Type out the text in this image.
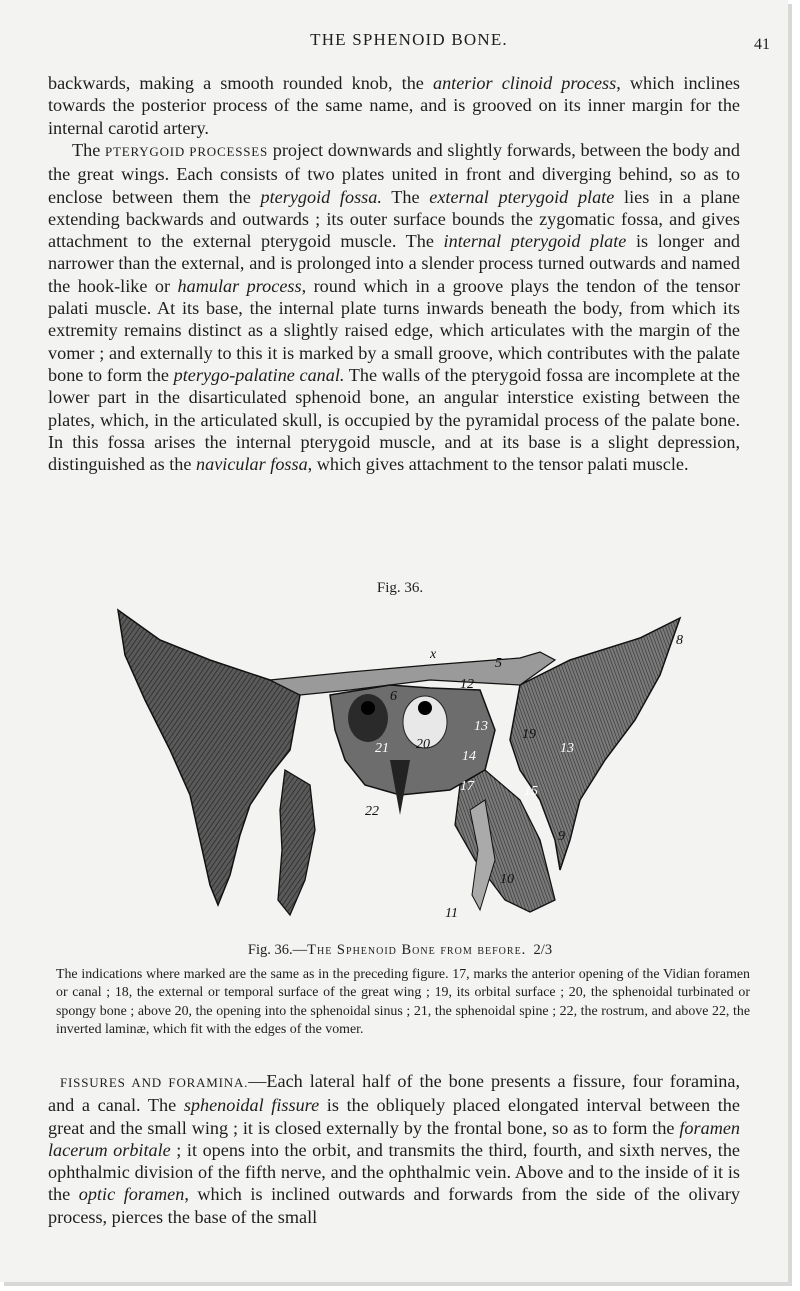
THE SPHENOID BONE.	41

backwards, making a smooth rounded knob, the anterior clinoid process, which inclines towards the posterior process of the same name, and is grooved on its inner margin for the internal carotid artery.

The PTERYGOID PROCESSES project downwards and slightly forwards, between the body and the great wings. Each consists of two plates united in front and diverging behind, so as to enclose between them the pterygoid fossa. The external pterygoid plate lies in a plane extending backwards and outwards ; its outer surface bounds the zygomatic fossa, and gives attachment to the external pterygoid muscle. The internal pterygoid plate is longer and narrower than the external, and is prolonged into a slender process turned outwards and named the hook-like or hamular process, round which in a groove plays the tendon of the tensor palati muscle. At its base, the internal plate turns inwards beneath the body, from which its extremity remains distinct as a slightly raised edge, which articulates with the margin of the vomer ; and externally to this it is marked by a small groove, which contributes with the palate bone to form the pterygo-palatine canal. The walls of the pterygoid fossa are incomplete at the lower part in the disarticulated sphenoid bone, an angular interstice existing between the plates, which, in the articulated skull, is occupied by the pyramidal process of the palate bone. In this fossa arises the internal pterygoid muscle, and at its base is a slight depression, distinguished as the navicular fossa, which gives attachment to the tensor palati muscle.

Fig. 36.
x
5
6
8
9
10
11
12
13
13
14
15
17
19
20
21
22
Fig. 36.—The Sphenoid Bone from before. 2/3

The indications where marked are the same as in the preceding figure. 17, marks the anterior opening of the Vidian foramen or canal ; 18, the external or temporal surface of the great wing ; 19, its orbital surface ; 20, the sphenoidal turbinated or spongy bone ; above 20, the opening into the sphenoidal sinus ; 21, the sphenoidal spine ; 22, the rostrum, and above 22, the inverted laminæ, which fit with the edges of the vomer.

FISSURES AND FORAMINA.—Each lateral half of the bone presents a fissure, four foramina, and a canal. The sphenoidal fissure is the obliquely placed elongated interval between the great and the small wing ; it is closed externally by the frontal bone, so as to form the foramen lacerum orbitale ; it opens into the orbit, and transmits the third, fourth, and sixth nerves, the ophthalmic division of the fifth nerve, and the ophthalmic vein. Above and to the inside of it is the optic foramen, which is inclined outwards and forwards from the side of the olivary process, pierces the base of the small
